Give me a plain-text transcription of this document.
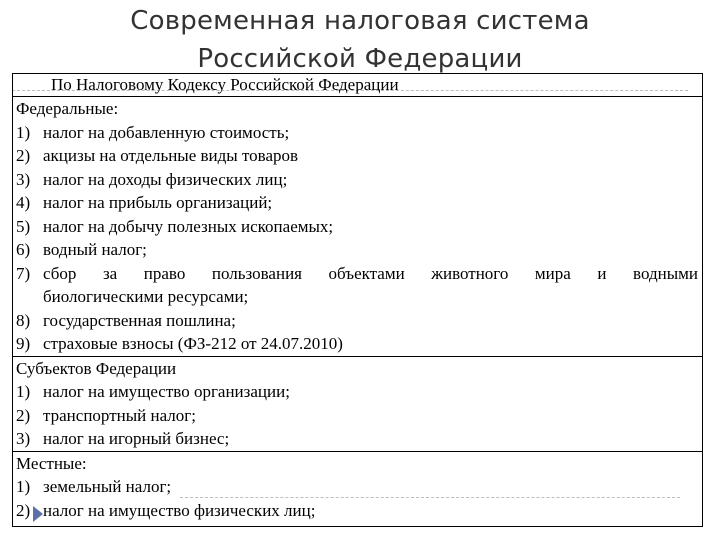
Современная налоговая система
Российской Федерации
По Налоговому Кодексу Российской Федерации
Федеральные:
1) налог на добавленную стоимость;
2) акцизы на отдельные виды товаров
3) налог на доходы физических лиц;
4) налог на прибыль организаций;
5) налог на добычу полезных ископаемых;
6) водный налог;
7) сбор за право пользования объектами животного мира и водными
биологическими ресурсами;
8) государственная пошлина;
9) страховые взносы (ФЗ-212 от 24.07.2010)
Субъектов Федерации
1) налог на имущество организации;
2) транспортный налог;
3) налог на игорный бизнес;
Местные:
1) земельный налог;
2) налог на имущество физических лиц;
